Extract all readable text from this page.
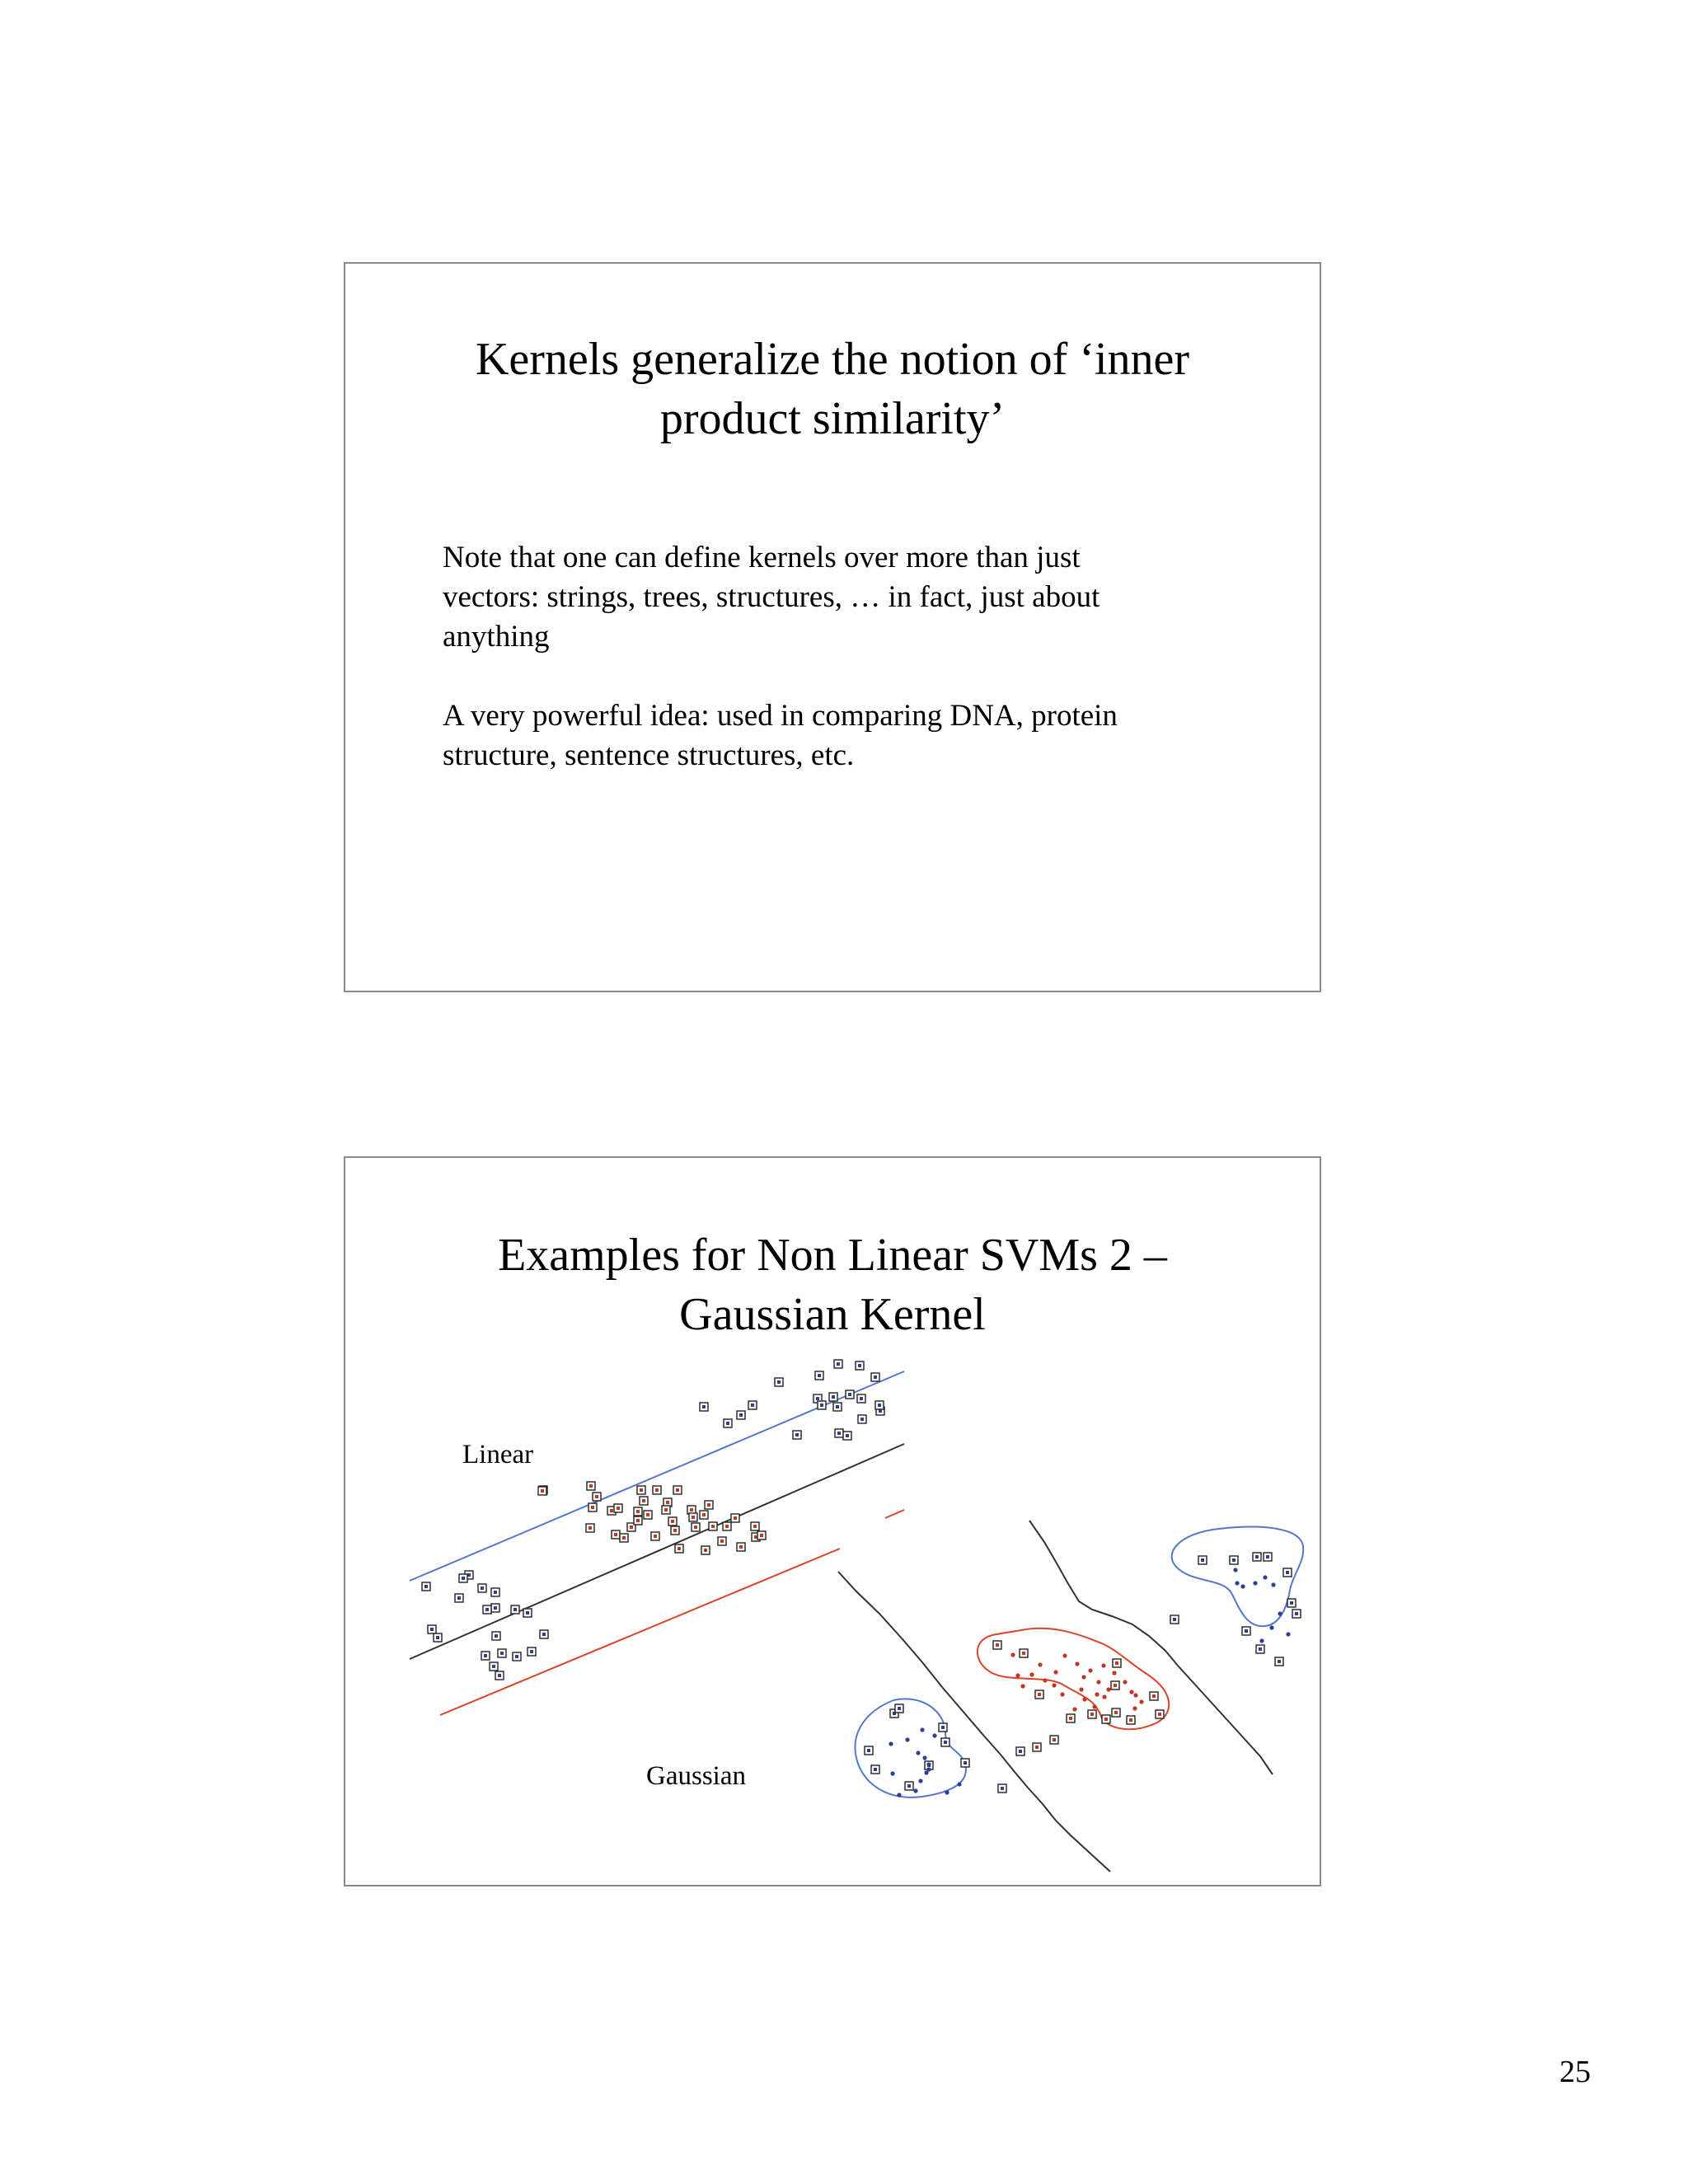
Kernels generalize the notion of ‘inner
product similarity’

Note that one can define kernels over more than just
vectors: strings, trees, structures, … in fact, just about
anything

A very powerful idea: used in comparing DNA, protein
structure, sentence structures, etc.

Examples for Non Linear SVMs 2 –
Gaussian Kernel
Linear
Gaussian
25
